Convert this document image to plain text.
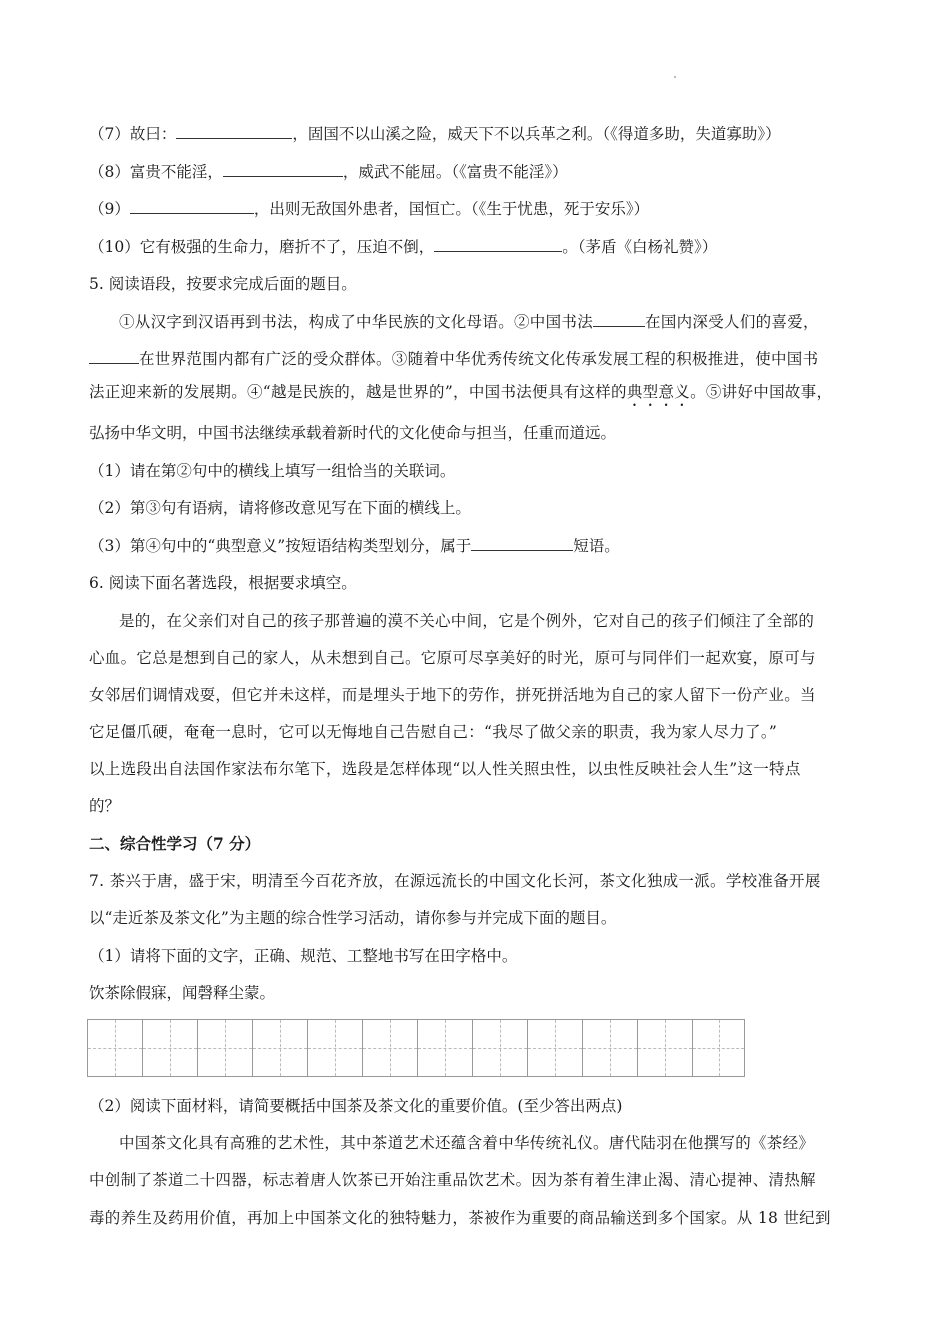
（7）故曰：	，固国不以山溪之险，威天下不以兵革之利。（《得道多助，失道寡助》）
（8）富贵不能淫，	，威武不能屈。（《富贵不能淫》）
（9）	，出则无敌国外患者，国恒亡。（《生于忧患，死于安乐》）
（10）它有极强的生命力，磨折不了，压迫不倒，	。（茅盾《白杨礼赞》）
5. 阅读语段，按要求完成后面的题目。
①从汉字到汉语再到书法，构成了中华民族的文化母语。②中国书法	在国内深受人们的喜爱，
在世界范围内都有广泛的受众群体。③随着中华优秀传统文化传承发展工程的积极推进，使中国书
法正迎来新的发展期。④“越是民族的，越是世界的”，中国书法便具有这样的典型意义。⑤讲好中国故事，
弘扬中华文明，中国书法继续承载着新时代的文化使命与担当，任重而道远。
（1）请在第②句中的横线上填写一组恰当的关联词。
（2）第③句有语病，请将修改意见写在下面的横线上。
（3）第④句中的“典型意义”按短语结构类型划分，属于	短语。
6. 阅读下面名著选段，根据要求填空。
是的，在父亲们对自己的孩子那普遍的漠不关心中间，它是个例外，它对自己的孩子们倾注了全部的
心血。它总是想到自己的家人，从未想到自己。它原可尽享美好的时光，原可与同伴们一起欢宴，原可与
女邻居们调情戏耍，但它并未这样，而是埋头于地下的劳作，拼死拼活地为自己的家人留下一份产业。当
它足僵爪硬，奄奄一息时，它可以无悔地自己告慰自己：“我尽了做父亲的职责，我为家人尽力了。”
以上选段出自法国作家法布尔笔下，选段是怎样体现“以人性关照虫性，以虫性反映社会人生”这一特点
的？
二、综合性学习（7 分）
7. 茶兴于唐，盛于宋，明清至今百花齐放，在源远流长的中国文化长河，茶文化独成一派。学校准备开展
以“走近茶及茶文化”为主题的综合性学习活动，请你参与并完成下面的题目。
（1）请将下面的文字，正确、规范、工整地书写在田字格中。
饮茶除假寐，闻磬释尘蒙。
（2）阅读下面材料，请简要概括中国茶及茶文化的重要价值。(至少答出两点)
中国茶文化具有高雅的艺术性，其中茶道艺术还蕴含着中华传统礼仪。唐代陆羽在他撰写的《茶经》
中创制了茶道二十四器，标志着唐人饮茶已开始注重品饮艺术。因为茶有着生津止渴、清心提神、清热解
毒的养生及药用价值，再加上中国茶文化的独特魅力，茶被作为重要的商品输送到多个国家。从 18 世纪到
